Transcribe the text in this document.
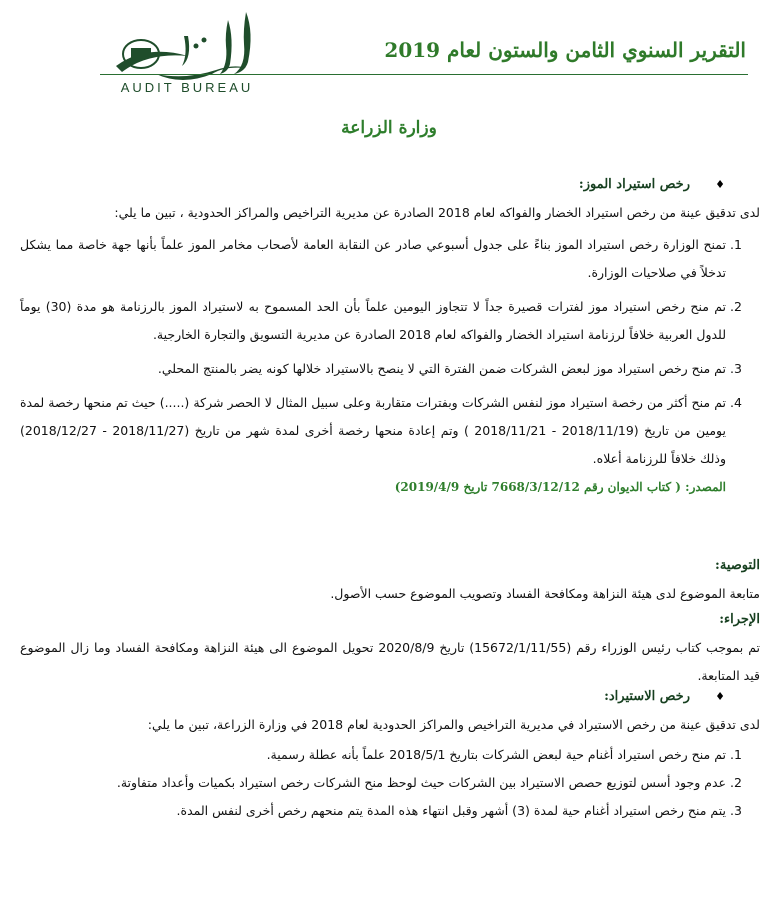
AUDIT BUREAU
التقرير السنوي الثامن والستون لعام 2019
وزارة الزراعة
♦رخص استيراد الموز:
لدى تدقيق عينة من رخص استيراد الخضار والفواكه لعام 2018 الصادرة عن مديرية التراخيص والمراكز الحدودية ، تبين ما يلي:
1.
تمنح الوزارة رخص استيراد الموز بناءً على جدول أسبوعي صادر عن النقابة العامة لأصحاب مخامر الموز علماً بأنها جهة خاصة مما يشكل تدخلاً في صلاحيات الوزارة.
2.
تم منح رخص استيراد موز لفترات قصيرة جداً لا تتجاوز اليومين علماً بأن الحد المسموح به لاستيراد الموز بالرزنامة هو مدة (30) يوماً للدول العربية خلافاً لرزنامة استيراد الخضار والفواكه لعام 2018 الصادرة عن مديرية التسويق والتجارة الخارجية.
3.
تم منح رخص استيراد موز لبعض الشركات ضمن الفترة التي لا ينصح بالاستيراد خلالها كونه يضر بالمنتج المحلي.
4.
تم منح أكثر من رخصة استيراد موز لنفس الشركات وبفترات متقاربة وعلى سبيل المثال لا الحصر شركة (.....) حيث تم منحها رخصة لمدة يومين من تاريخ (2018/11/19 - 2018/11/21 ) وتم إعادة منحها رخصة أخرى لمدة شهر من تاريخ (2018/11/27 - 2018/12/27) وذلك خلافاً للرزنامة أعلاه.
المصدر: ( كتاب الديوان رقم 7668/3/12/12 تاريخ 2019/4/9)
التوصية:
متابعة الموضوع لدى هيئة النزاهة ومكافحة الفساد وتصويب الموضوع حسب الأصول.
الإجراء:
تم بموجب كتاب رئيس الوزراء رقم (15672/1/11/55) تاريخ 2020/8/9 تحويل الموضوع الى هيئة النزاهة ومكافحة الفساد وما زال الموضوع قيد المتابعة.
♦رخص الاستيراد:
لدى تدقيق عينة من رخص الاستيراد في مديرية التراخيص والمراكز الحدودية لعام 2018 في وزارة الزراعة، تبين ما يلي:
1.
تم منح رخص استيراد أغنام حية لبعض الشركات بتاريخ 2018/5/1 علماً بأنه عطلة رسمية.
2.
عدم وجود أسس لتوزيع حصص الاستيراد بين الشركات حيث لوحظ منح الشركات رخص استيراد بكميات وأعداد متفاوتة.
3.
يتم منح رخص استيراد أغنام حية لمدة (3) أشهر وقبل انتهاء هذه المدة يتم منحهم رخص أخرى لنفس المدة.
